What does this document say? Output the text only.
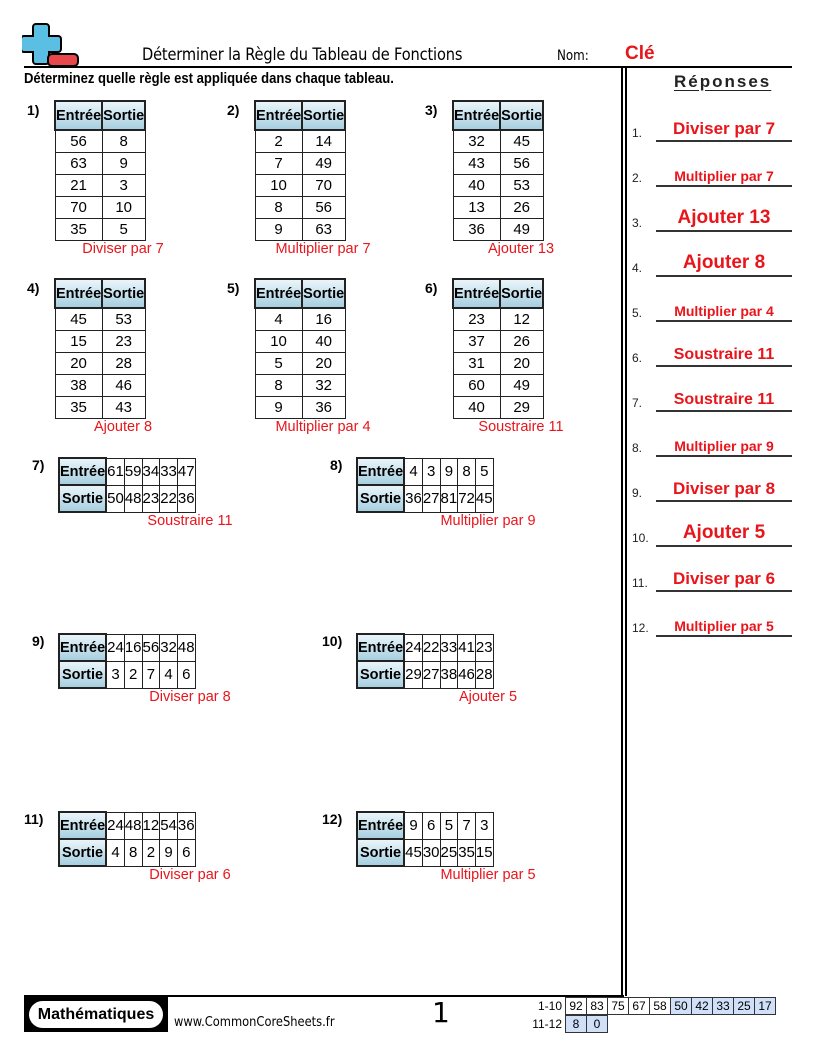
Déterminer la Règle du Tableau de Fonctions	Nom: Clé
Déterminez quelle règle est appliquée dans chaque tableau.
1) Entrée	Sortie
56	8
63	9
21	3
70	10
35	5
Diviser par 7
2) Entrée	Sortie
2	14
7	49
10	70
8	56
9	63
Multiplier par 7
3) Entrée	Sortie
32	45
43	56
40	53
13	26
36	49
Ajouter 13
4) Entrée	Sortie
45	53
15	23
20	28
38	46
35	43
Ajouter 8
5) Entrée	Sortie
4	16
10	40
5	20
8	32
9	36
Multiplier par 4
6) Entrée	Sortie
23	12
37	26
31	20
60	49
40	29
Soustraire 11
7) Entrée	61	59	34	33	47
Sortie	50	48	23	22	36
Soustraire 11
8) Entrée	4	3	9	8	5
Sortie	36	27	81	72	45
Multiplier par 9
9) Entrée	24	16	56	32	48
Sortie	3	2	7	4	6
Diviser par 8
10) Entrée	24	22	33	41	23
Sortie	29	27	38	46	28
Ajouter 5
11) Entrée	24	48	12	54	36
Sortie	4	8	2	9	6
Diviser par 6
12) Entrée	9	6	5	7	3
Sortie	45	30	25	35	15
Multiplier par 5
Réponses
1.	Diviser par 7
2.	Multiplier par 7
3.	Ajouter 13
4.	Ajouter 8
5.	Multiplier par 4
6.	Soustraire 11
7.	Soustraire 11
8.	Multiplier par 9
9.	Diviser par 8
10.	Ajouter 5
11.	Diviser par 6
12.	Multiplier par 5
Mathématiques	www.CommonCoreSheets.fr	1	1-10 92	83	75	67	58	50	42	33	25	17
11-12 8	0
